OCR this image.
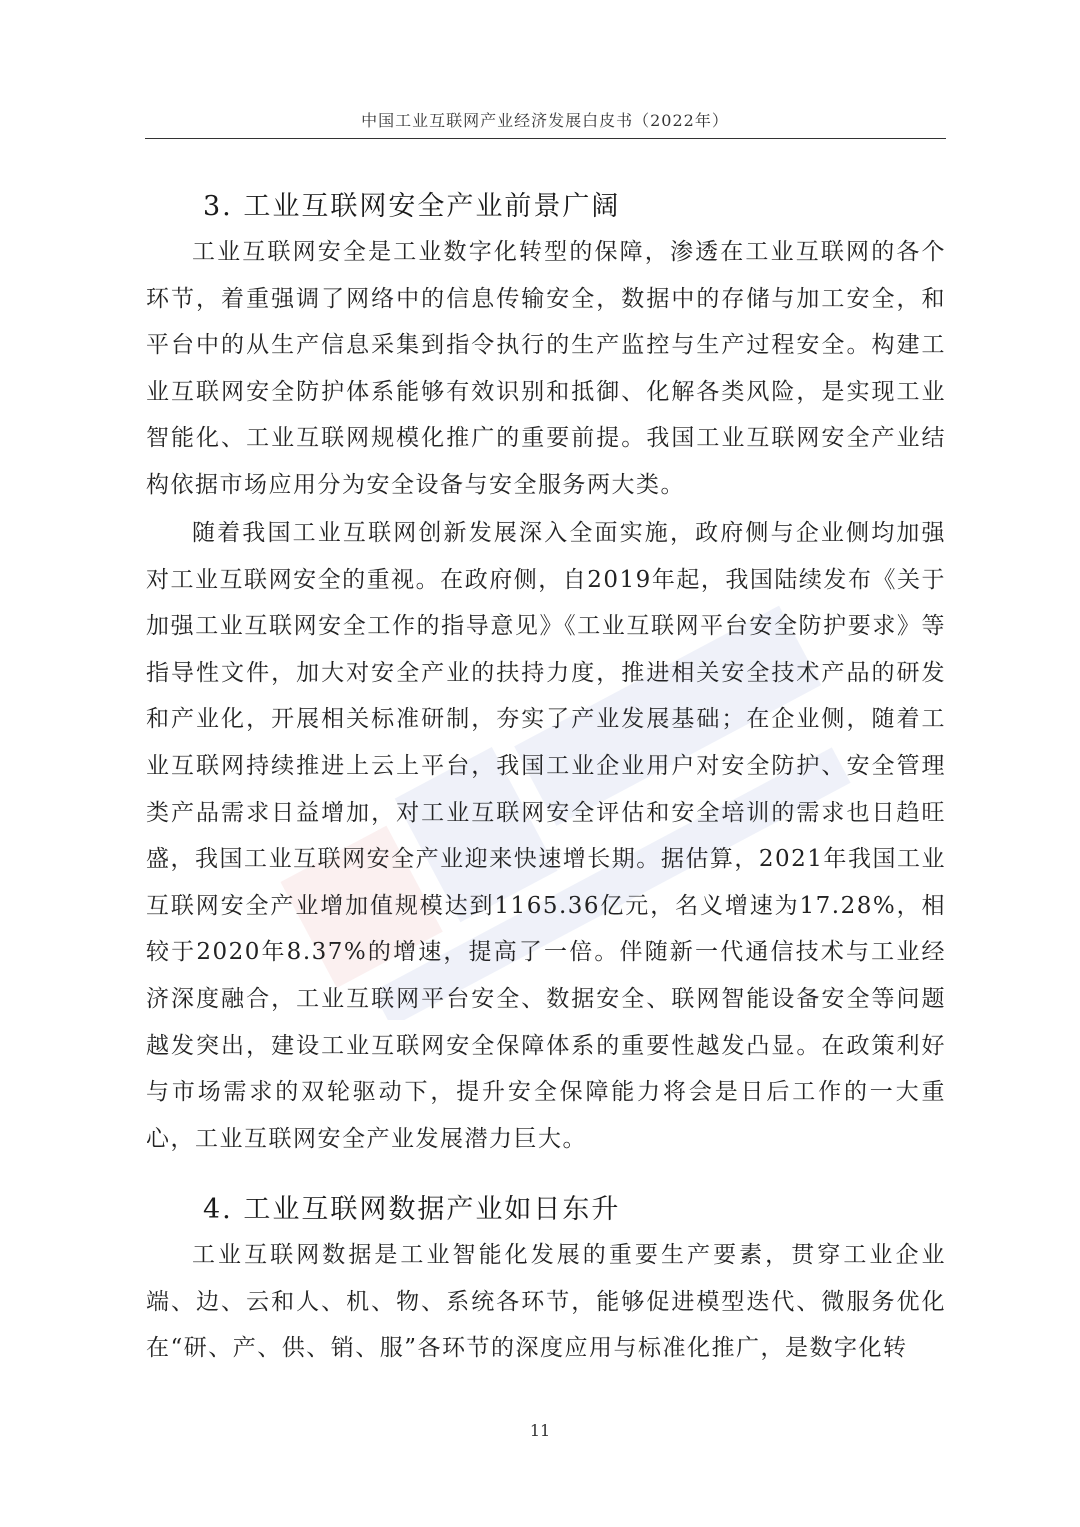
中国工业互联网产业经济发展白皮书（2022年）
3. 工业互联网安全产业前景广阔

工业互联网安全是工业数字化转型的保障，渗透在工业互联网的各个环节，着重强调了网络中的信息传输安全，数据中的存储与加工安全，和平台中的从生产信息采集到指令执行的生产监控与生产过程安全。构建工业互联网安全防护体系能够有效识别和抵御、化解各类风险，是实现工业智能化、工业互联网规模化推广的重要前提。我国工业互联网安全产业结构依据市场应用分为安全设备与安全服务两大类。

随着我国工业互联网创新发展深入全面实施，政府侧与企业侧均加强对工业互联网安全的重视。在政府侧，自2019年起，我国陆续发布《关于加强工业互联网安全工作的指导意见》《工业互联网平台安全防护要求》等指导性文件，加大对安全产业的扶持力度，推进相关安全技术产品的研发和产业化，开展相关标准研制，夯实了产业发展基础；在企业侧，随着工业互联网持续推进上云上平台，我国工业企业用户对安全防护、安全管理类产品需求日益增加，对工业互联网安全评估和安全培训的需求也日趋旺盛，我国工业互联网安全产业迎来快速增长期。据估算，2021年我国工业互联网安全产业增加值规模达到1165.36亿元，名义增速为17.28%，相较于2020年8.37%的增速，提高了一倍。伴随新一代通信技术与工业经济深度融合，工业互联网平台安全、数据安全、联网智能设备安全等问题越发突出，建设工业互联网安全保障体系的重要性越发凸显。在政策利好与市场需求的双轮驱动下，提升安全保障能力将会是日后工作的一大重心，工业互联网安全产业发展潜力巨大。

4. 工业互联网数据产业如日东升

工业互联网数据是工业智能化发展的重要生产要素，贯穿工业企业端、边、云和人、机、物、系统各环节，能够促进模型迭代、微服务优化在“研、产、供、销、服”各环节的深度应用与标准化推广，是数字化转

11
